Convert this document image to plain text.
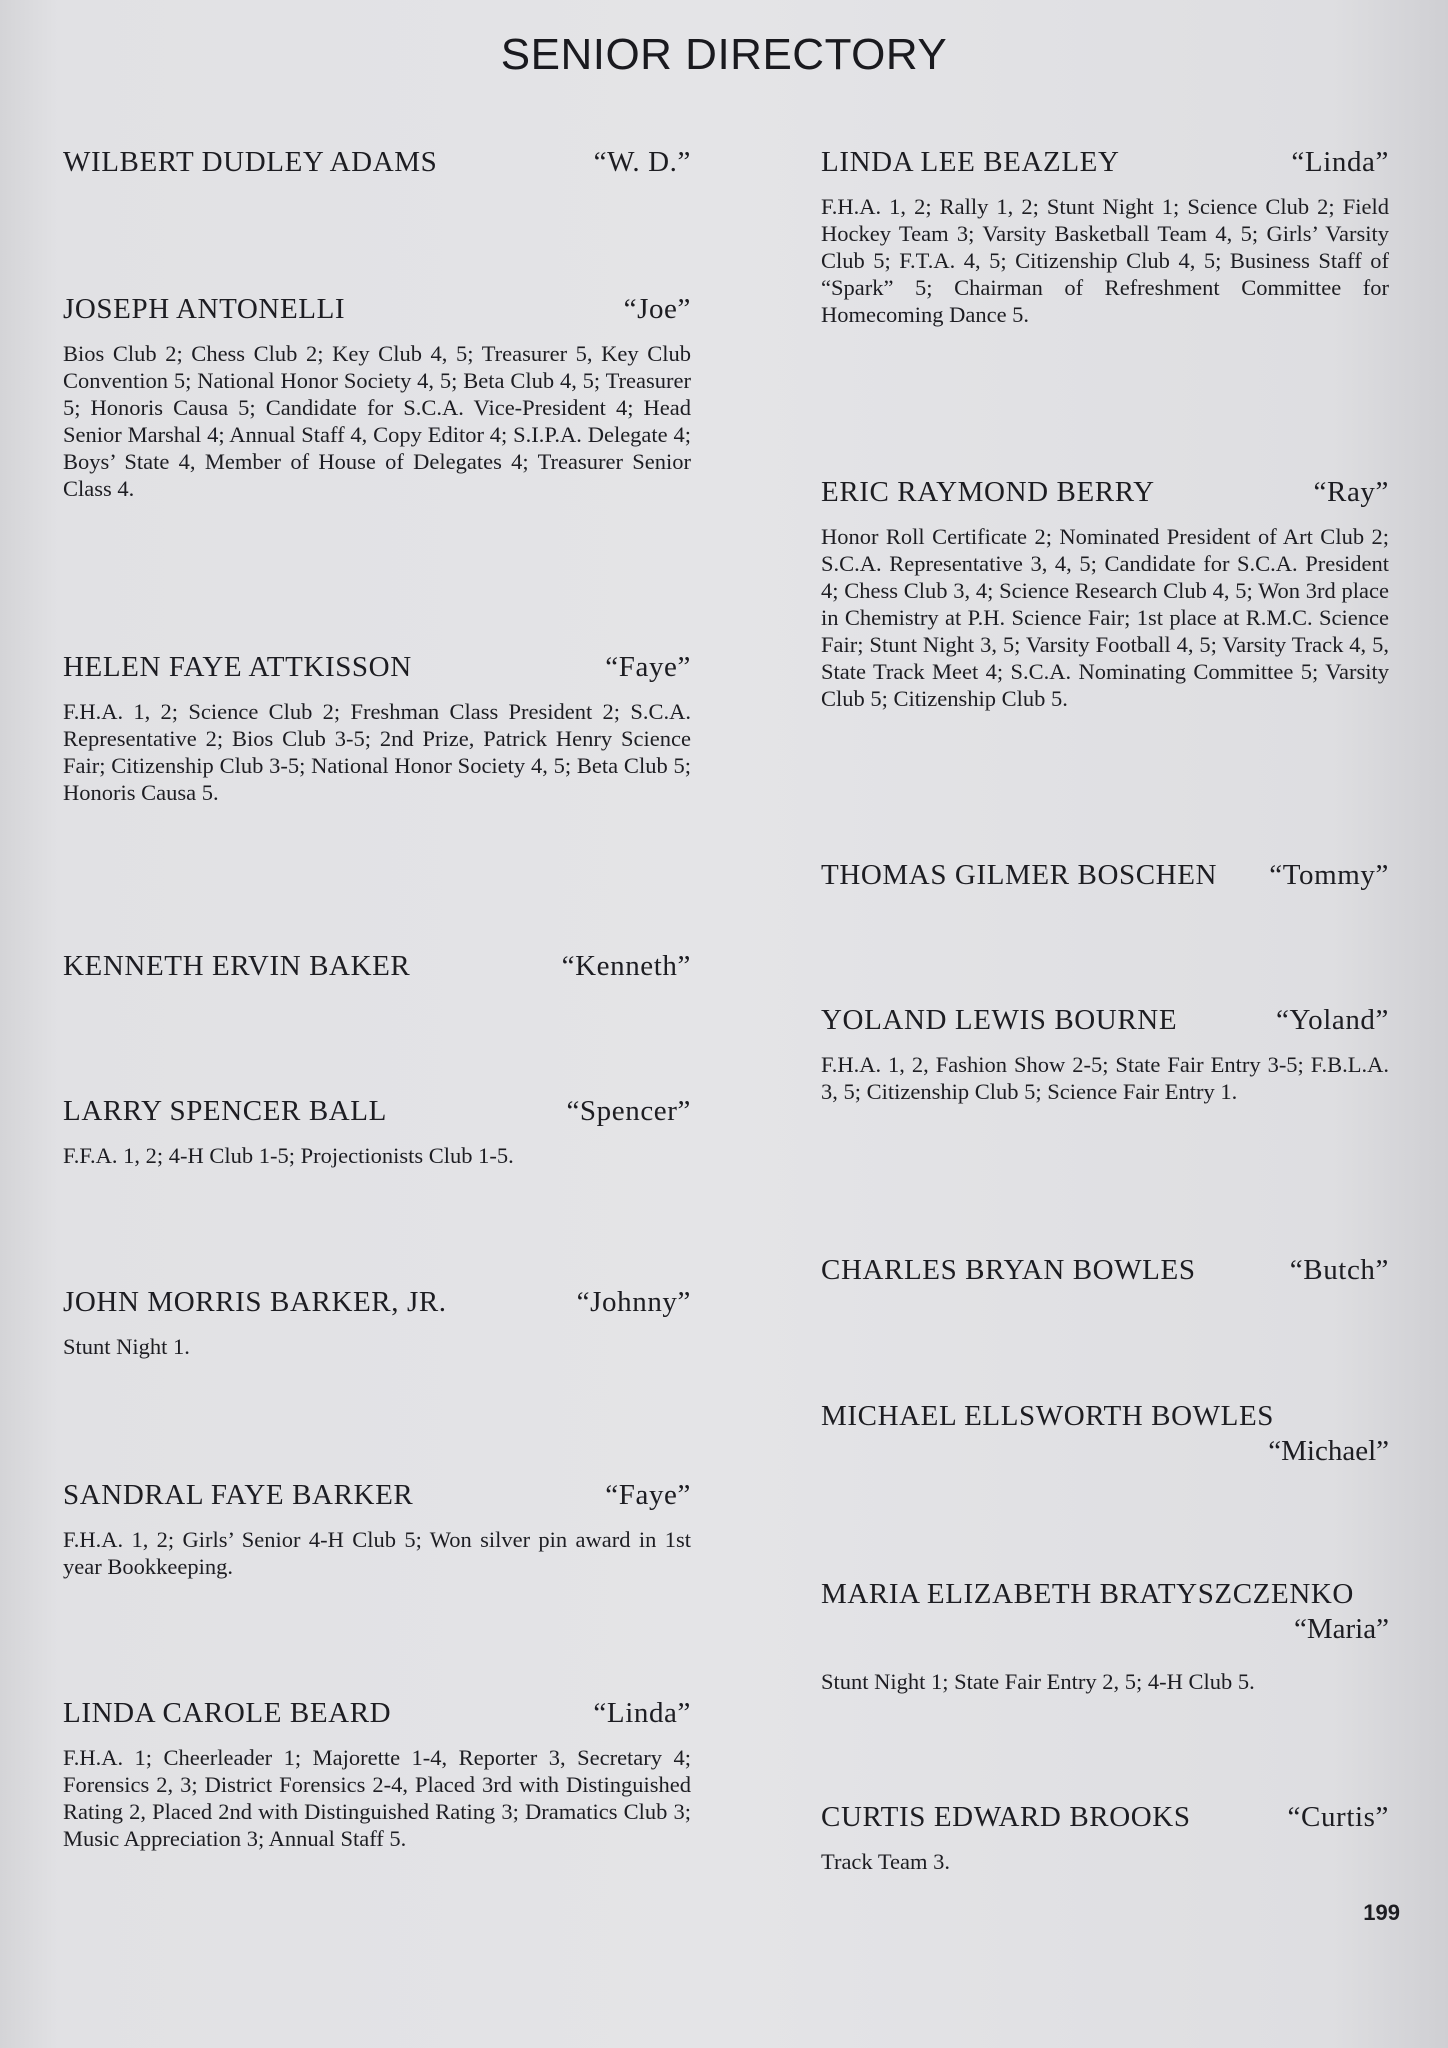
SENIOR DIRECTORY
WILBERT DUDLEY ADAMS	“W. D.”
JOSEPH ANTONELLI	“Joe”
Bios Club 2; Chess Club 2; Key Club 4, 5; Treasurer 5, Key Club Convention 5; National Honor Society 4, 5; Beta Club 4, 5; Treasurer 5; Honoris Causa 5; Candidate for S.C.A. Vice-President 4; Head Senior Marshal 4; Annual Staff 4, Copy Editor 4; S.I.P.A. Delegate 4; Boys’ State 4, Member of House of Delegates 4; Treasurer Senior Class 4.
HELEN FAYE ATTKISSON	“Faye”
F.H.A. 1, 2; Science Club 2; Freshman Class President 2; S.C.A. Representative 2; Bios Club 3-5; 2nd Prize, Patrick Henry Science Fair; Citizenship Club 3-5; National Honor Society 4, 5; Beta Club 5; Honoris Causa 5.
KENNETH ERVIN BAKER	“Kenneth”
LARRY SPENCER BALL	“Spencer”
F.F.A. 1, 2; 4-H Club 1-5; Projectionists Club 1-5.
JOHN MORRIS BARKER, JR.	“Johnny”
Stunt Night 1.
SANDRAL FAYE BARKER	“Faye”
F.H.A. 1, 2; Girls’ Senior 4-H Club 5; Won silver pin award in 1st year Bookkeeping.
LINDA CAROLE BEARD	“Linda”
F.H.A. 1; Cheerleader 1; Majorette 1-4, Reporter 3, Secretary 4; Forensics 2, 3; District Forensics 2-4, Placed 3rd with Distinguished Rating 2, Placed 2nd with Distinguished Rating 3; Dramatics Club 3; Music Appreciation 3; Annual Staff 5.
LINDA LEE BEAZLEY	“Linda”
F.H.A. 1, 2; Rally 1, 2; Stunt Night 1; Science Club 2; Field Hockey Team 3; Varsity Basketball Team 4, 5; Girls’ Varsity Club 5; F.T.A. 4, 5; Citizenship Club 4, 5; Business Staff of “Spark” 5; Chairman of Refreshment Committee for Homecoming Dance 5.
ERIC RAYMOND BERRY	“Ray”
Honor Roll Certificate 2; Nominated President of Art Club 2; S.C.A. Representative 3, 4, 5; Candidate for S.C.A. President 4; Chess Club 3, 4; Science Research Club 4, 5; Won 3rd place in Chemistry at P.H. Science Fair; 1st place at R.M.C. Science Fair; Stunt Night 3, 5; Varsity Football 4, 5; Varsity Track 4, 5, State Track Meet 4; S.C.A. Nominating Committee 5; Varsity Club 5; Citizenship Club 5.
THOMAS GILMER BOSCHEN “Tommy”
YOLAND LEWIS BOURNE	“Yoland”
F.H.A. 1, 2, Fashion Show 2-5; State Fair Entry 3-5; F.B.L.A. 3, 5; Citizenship Club 5; Science Fair Entry 1.
CHARLES BRYAN BOWLES	“Butch”
MICHAEL ELLSWORTH BOWLES
“Michael”
MARIA ELIZABETH BRATYSZCZENKO
“Maria”
Stunt Night 1; State Fair Entry 2, 5; 4-H Club 5.
CURTIS EDWARD BROOKS	“Curtis”
Track Team 3.
199
